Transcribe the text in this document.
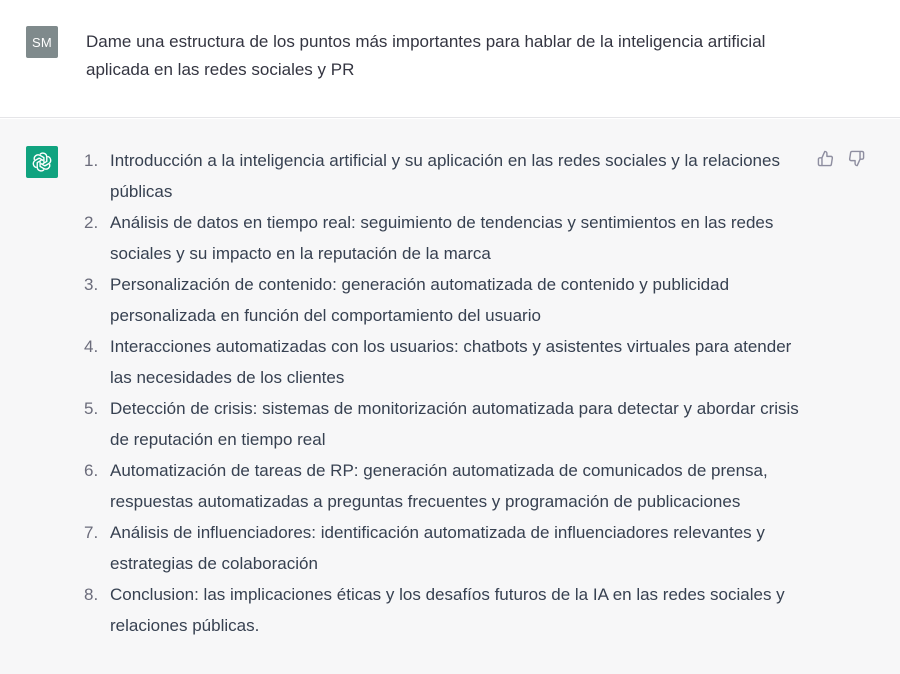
SM	Dame una estructura de los puntos más importantes para hablar de la inteligencia artificial aplicada en las redes sociales y PR
1. Introducción a la inteligencia artificial y su aplicación en las redes sociales y la relaciones públicas
2. Análisis de datos en tiempo real: seguimiento de tendencias y sentimientos en las redes sociales y su impacto en la reputación de la marca
3. Personalización de contenido: generación automatizada de contenido y publicidad personalizada en función del comportamiento del usuario
4. Interacciones automatizadas con los usuarios: chatbots y asistentes virtuales para atender las necesidades de los clientes
5. Detección de crisis: sistemas de monitorización automatizada para detectar y abordar crisis de reputación en tiempo real
6. Automatización de tareas de RP: generación automatizada de comunicados de prensa, respuestas automatizadas a preguntas frecuentes y programación de publicaciones
7. Análisis de influenciadores: identificación automatizada de influenciadores relevantes y estrategias de colaboración
8. Conclusion: las implicaciones éticas y los desafíos futuros de la IA en las redes sociales y relaciones públicas.
